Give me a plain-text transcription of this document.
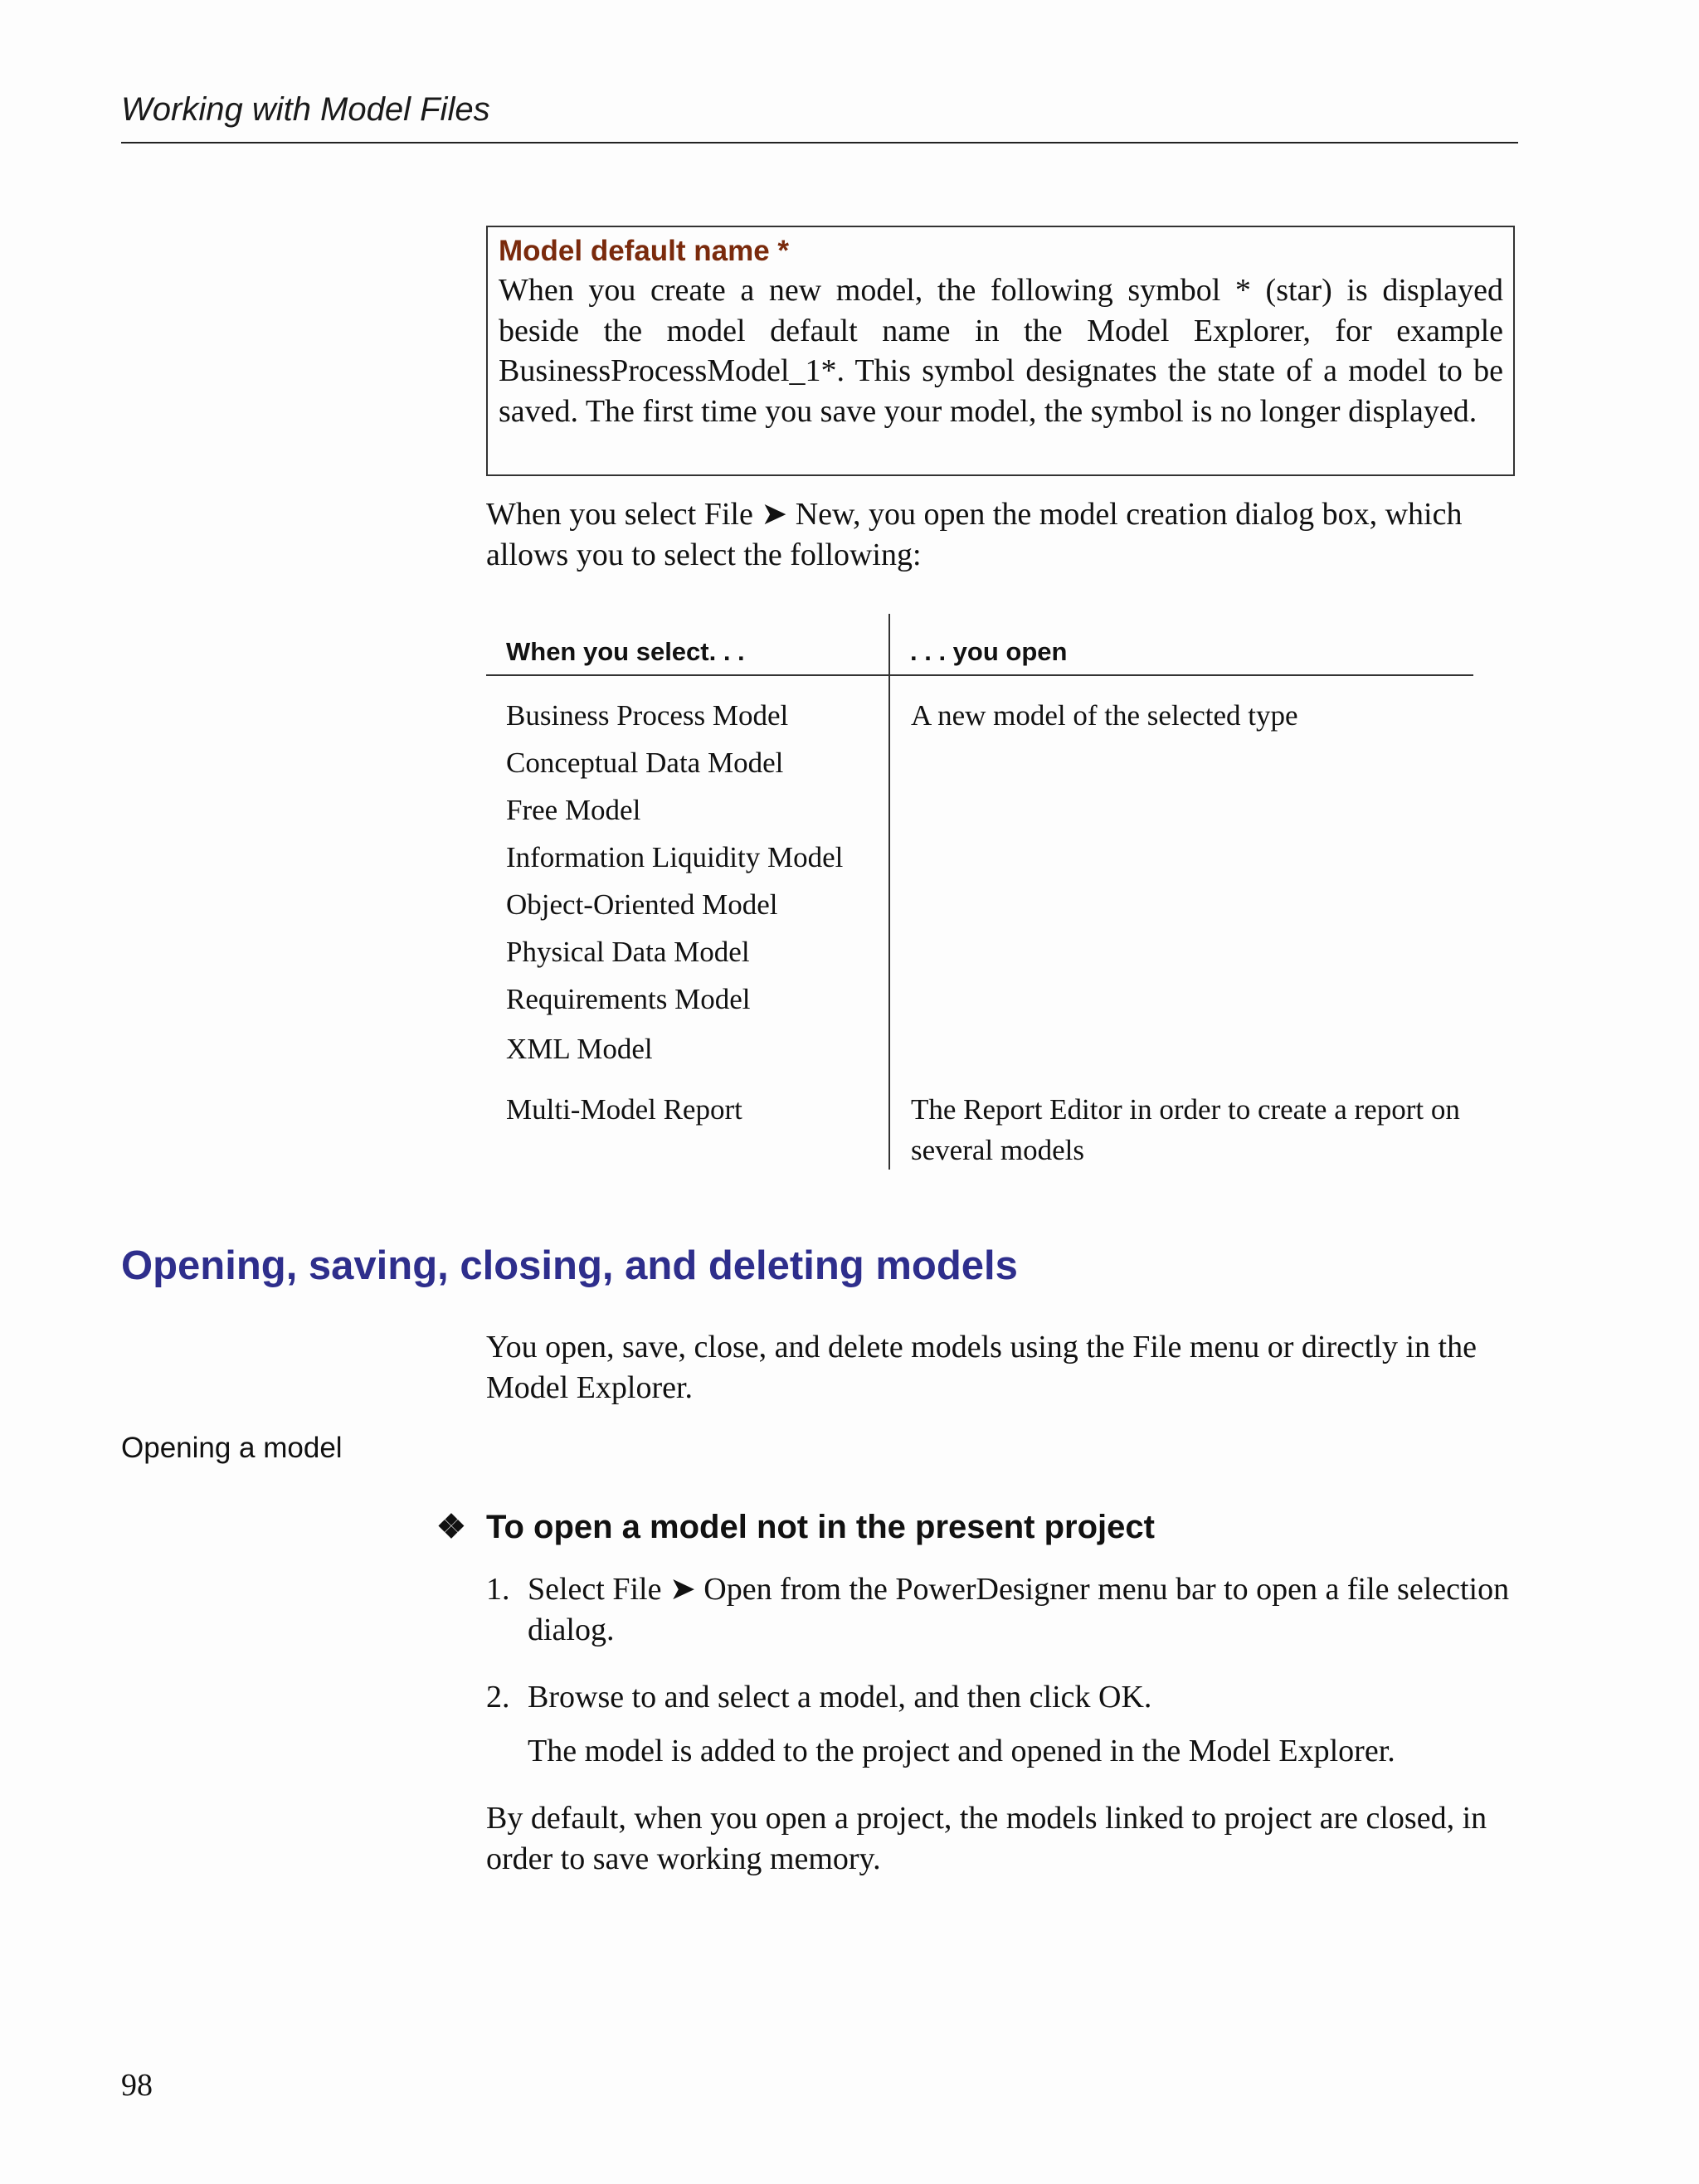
Working with Model Files
Model default name *

When you create a new model, the following symbol * (star) is displayed beside the model default name in the Model Explorer, for example BusinessProcessModel_1*. This symbol designates the state of a model to be saved. The first time you save your model, the symbol is no longer displayed.

When you select File ➤ New, you open the model creation dialog box, which allows you to select the following:

When you select. . .	. . . you open
Business Process Model	A new model of the selected type
Conceptual Data Model
Free Model
Information Liquidity Model
Object-Oriented Model
Physical Data Model
Requirements Model
XML Model
Multi-Model Report	The Report Editor in order to create a report on several models
Opening, saving, closing, and deleting models

You open, save, close, and delete models using the File menu or directly in the Model Explorer.

Opening a model
❖ To open a model not in the present project
1. Select File ➤ Open from the PowerDesigner menu bar to open a file selection dialog.
2. Browse to and select a model, and then click OK.
The model is added to the project and opened in the Model Explorer.

By default, when you open a project, the models linked to project are closed, in order to save working memory.

98
